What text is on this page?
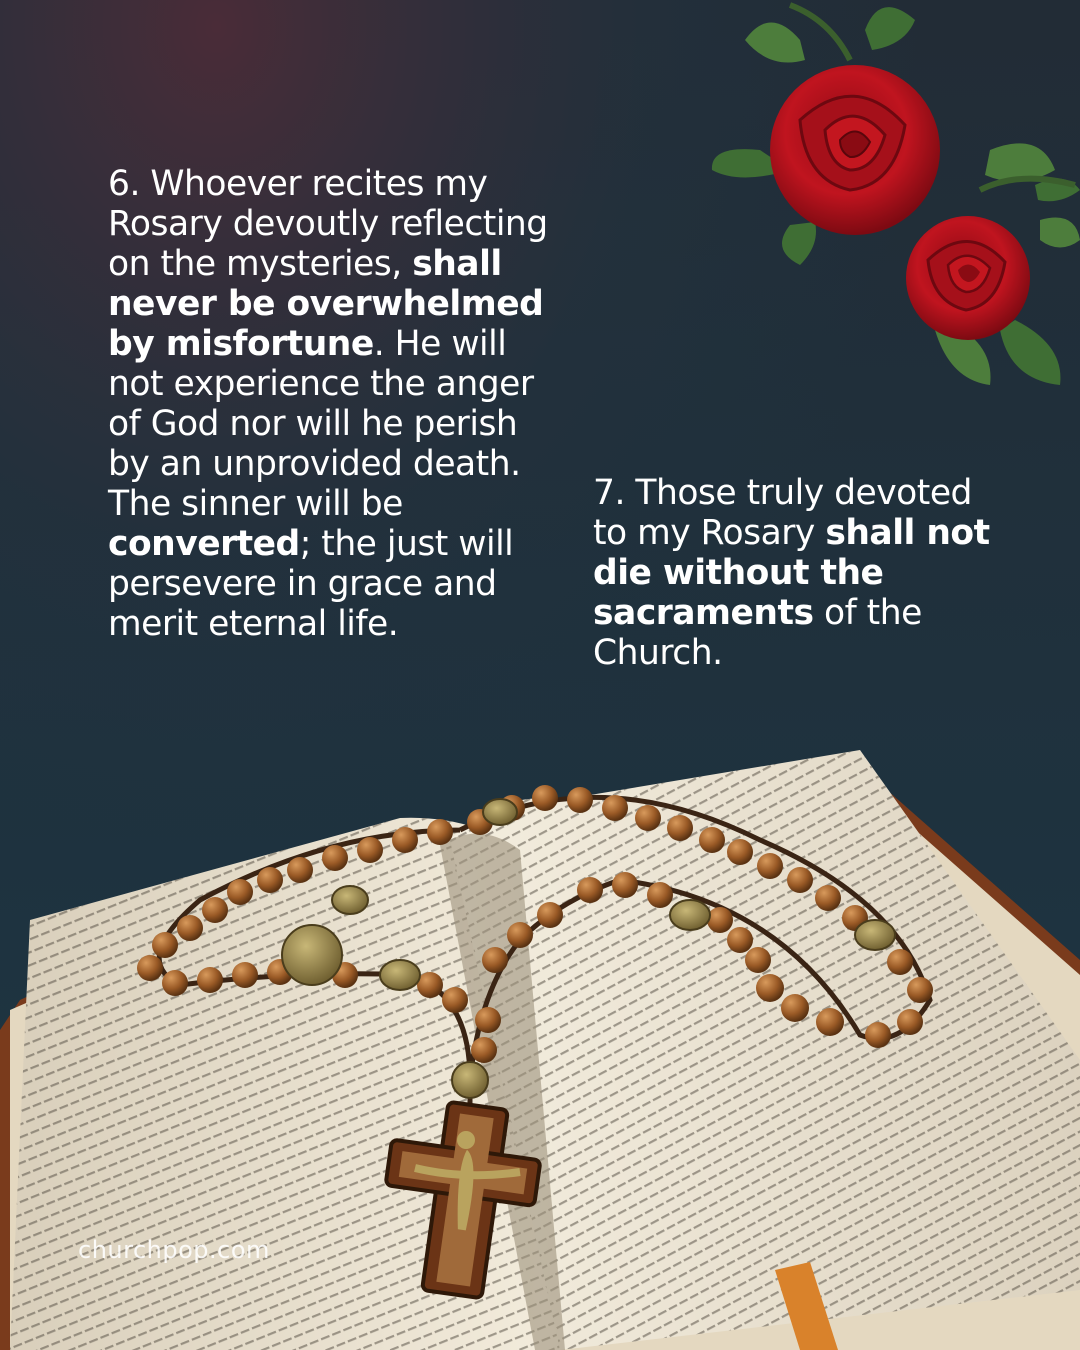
6. Whoever recites my Rosary devoutly reflecting on the mysteries, shall never be overwhelmed by misfortune. He will not experience the anger of God nor will he perish by an unprovided death. The sinner will be converted; the just will persevere in grace and merit eternal life.

7. Those truly devoted to my Rosary shall not die without the sacraments of the Church.

churchpop.com
